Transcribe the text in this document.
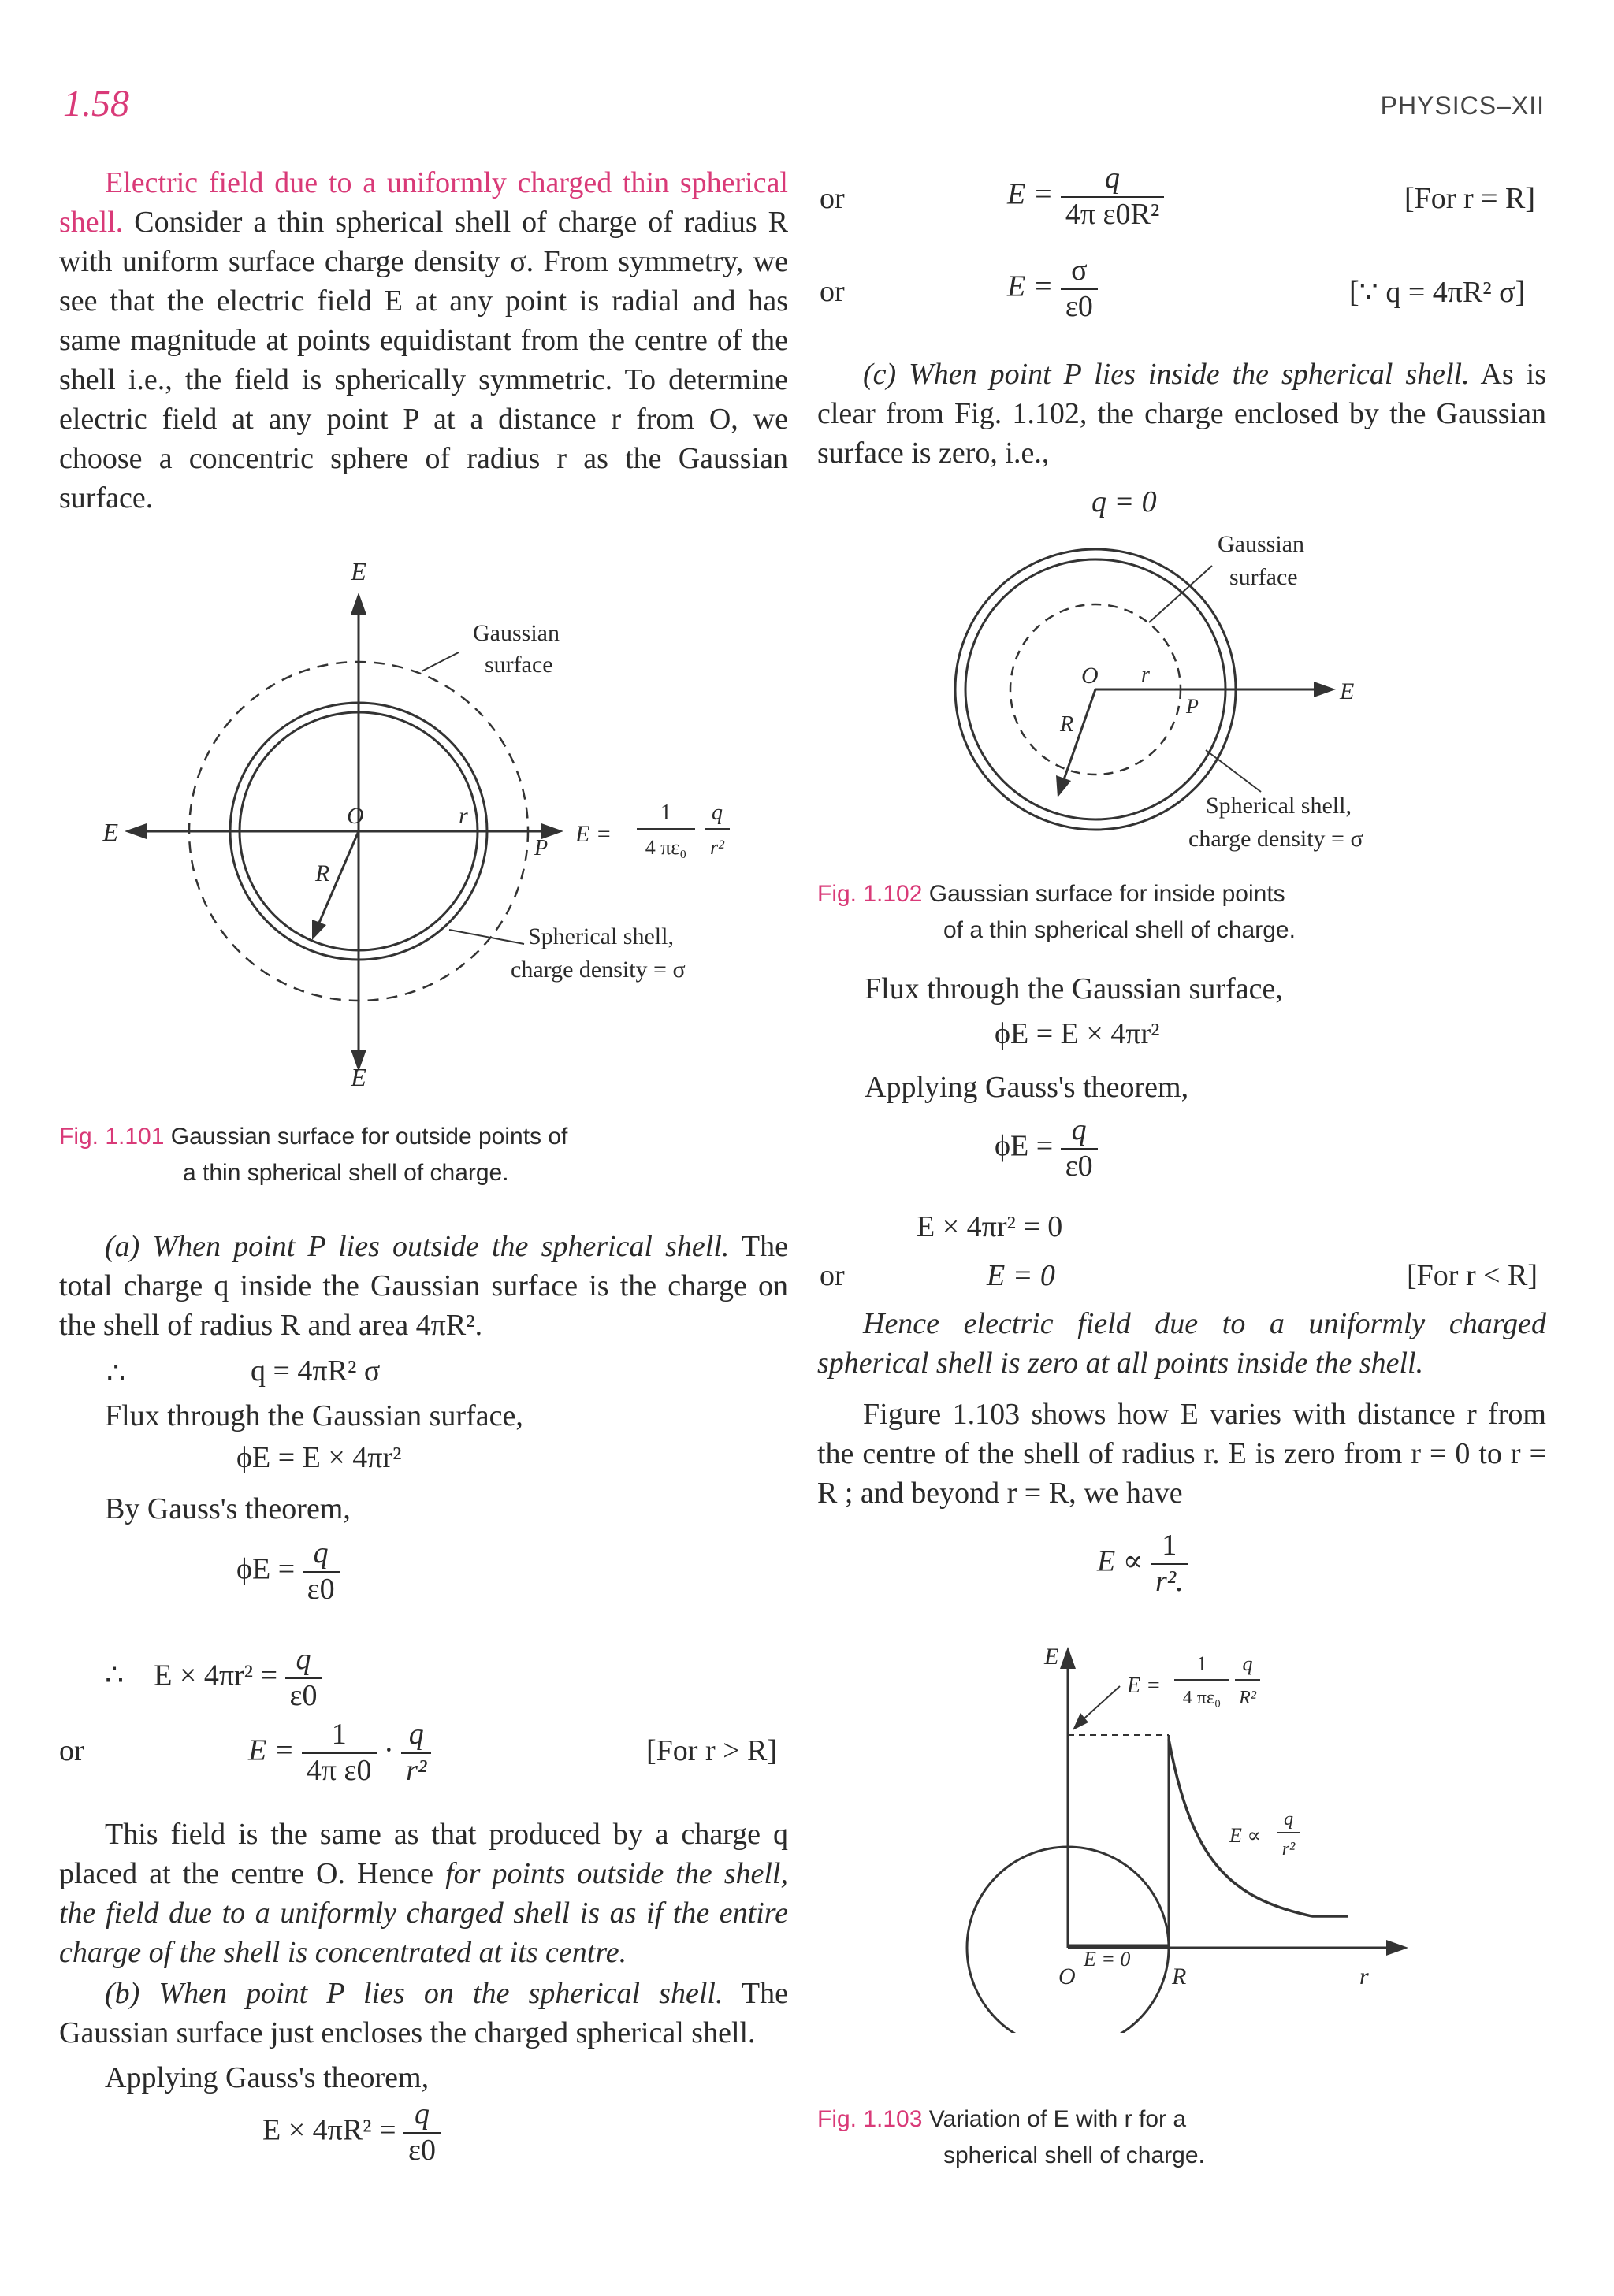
1.58	PHYSICS–XII
Electric field due to a uniformly charged thin spherical shell. Consider a thin spherical shell of charge of radius R with uniform surface charge density σ. From symmetry, we see that the electric field E at any point is radial and has same magnitude at points equidistant from the centre of the shell i.e., the field is spherically symmetric. To determine electric field at any point P at a distance r from O, we choose a concentric sphere of radius r as the Gaussian surface.
E
E
E
O
R
r
P
Gaussian
surface
Spherical shell,
charge density = σ
E =
1
4 πε₀
q
r²
Fig. 1.101 Gaussian surface for outside points of
a thin spherical shell of charge.
(a) When point P lies outside the spherical shell. The total charge q inside the Gaussian surface is the charge on the shell of radius R and area 4πR².
∴	q = 4πR² σ
Flux through the Gaussian surface,
ϕE = E × 4πr²
By Gauss's theorem,
$\phi E = \frac{q}{\varepsilon 0}$
∴ $E \times 4\pi r^2 = \frac{q}{\varepsilon 0}$
or	$E = \frac{1}{\text{4π ε0}} \cdot \frac{q}{\text{r²}}$	[For r > R]
This field is the same as that produced by a charge q placed at the centre O. Hence for points outside the shell, the field due to a uniformly charged shell is as if the entire charge of the shell is concentrated at its centre.
(b) When point P lies on the spherical shell. The Gaussian surface just encloses the charged spherical shell.
Applying Gauss's theorem,
$E \times 4\pi R^2 = \frac{q}{\varepsilon 0}$
or	$E = \frac{q}{\text{4π ε0R²}}$	[For r = R]
or	$E = \frac{\sigma}{\varepsilon 0}$	[∵ q = 4πR² σ]
(c) When point P lies inside the spherical shell. As is clear from Fig. 1.102, the charge enclosed by the Gaussian surface is zero, i.e.,
q = 0
Gaussian
surface
O r
R
P
E
Spherical shell,
charge density = σ
Fig. 1.102 Gaussian surface for inside points
of a thin spherical shell of charge.
Flux through the Gaussian surface,
ϕE = E × 4πr²
Applying Gauss's theorem,
$\phi E = \frac{q}{\varepsilon 0}$
E × 4πr² = 0
or	E = 0	[For r < R]
Hence electric field due to a uniformly charged spherical shell is zero at all points inside the shell.
Figure 1.103 shows how E varies with distance r from the centre of the shell of radius r. E is zero from r = 0 to r = R ; and beyond r = R, we have
$E \propto \frac{1}{\text{r².}}$
E
r
O	R
E = 0
E =
1
4 πε₀
q
R²
E ∝
q
r²
Fig. 1.103 Variation of E with r for a
spherical shell of charge.
